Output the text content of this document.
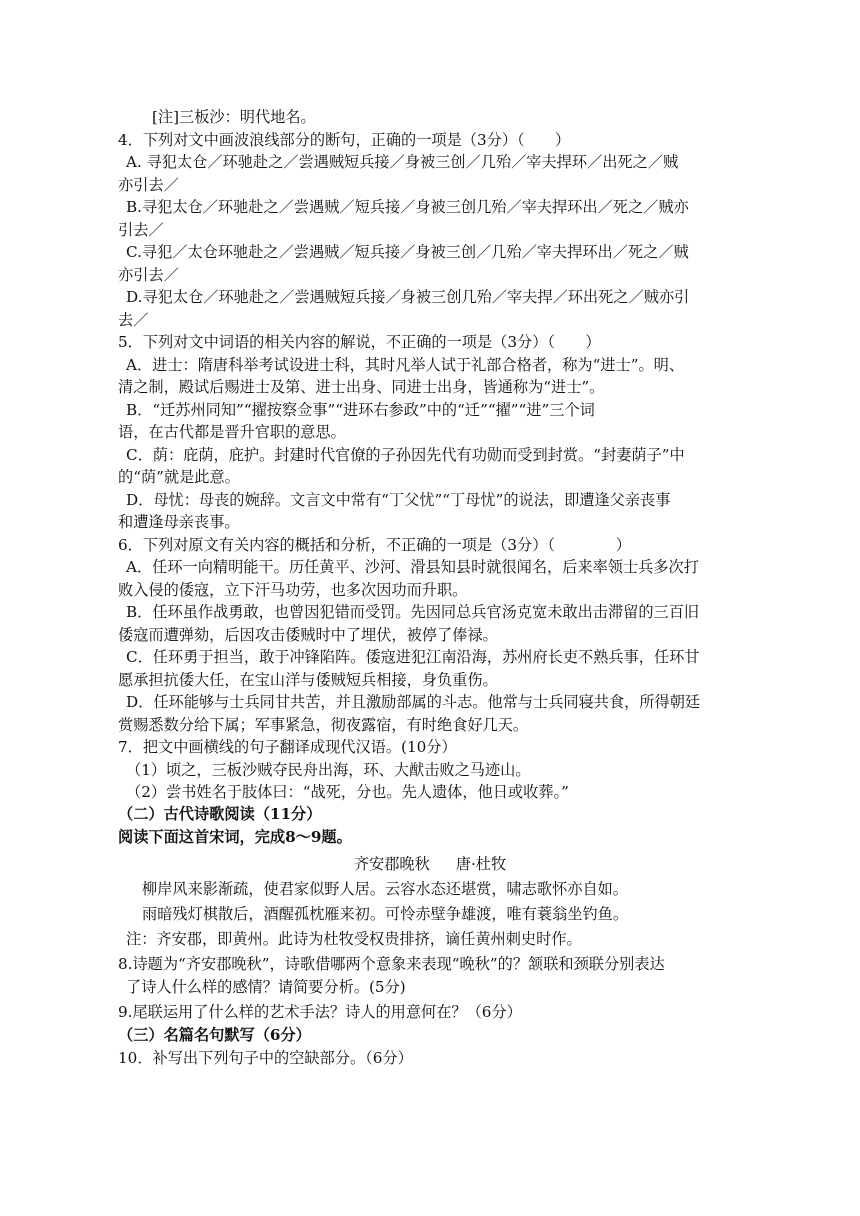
[注]三板沙：明代地名。
4．下列对文中画波浪线部分的断句，正确的一项是（3分）（　　）
A. 寻犯太仓／环驰赴之／尝遇贼短兵接／身被三创／几殆／宰夫捍环／出死之／贼
亦引去／
B.寻犯太仓／环驰赴之／尝遇贼／短兵接／身被三创几殆／宰夫捍环出／死之／贼亦
引去／
C.寻犯／太仓环驰赴之／尝遇贼／短兵接／身被三创／几殆／宰夫捍环出／死之／贼
亦引去／
D.寻犯太仓／环驰赴之／尝遇贼短兵接／身被三创几殆／宰夫捍／环出死之／贼亦引
去／
5．下列对文中词语的相关内容的解说，不正确的一项是（3分）（　　）
A．进士：隋唐科举考试设进士科，其时凡举人试于礼部合格者，称为“进士”。明、
清之制，殿试后赐进士及第、进士出身、同进士出身，皆通称为“进士”。
B．“迁苏州同知”“擢按察佥事”“进环右参政”中的“迁”“擢”“进”三个词
语，在古代都是晋升官职的意思。
C．荫：庇荫，庇护。封建时代官僚的子孙因先代有功勋而受到封赏。“封妻荫子”中
的“荫”就是此意。
D．母忧：母丧的婉辞。文言文中常有“丁父忧”“丁母忧”的说法，即遭逢父亲丧事
和遭逢母亲丧事。
6．下列对原文有关内容的概括和分析，不正确的一项是（3分）（　　　　）
A．任环一向精明能干。历任黄平、沙河、滑县知县时就很闻名，后来率领士兵多次打
败入侵的倭寇，立下汗马功劳，也多次因功而升职。
B．任环虽作战勇敢，也曾因犯错而受罚。先因同总兵官汤克宽未敢出击滞留的三百旧
倭寇而遭弹劾，后因攻击倭贼时中了埋伏，被停了俸禄。
C．任环勇于担当，敢于冲锋陷阵。倭寇进犯江南沿海，苏州府长吏不熟兵事，任环甘
愿承担抗倭大任，在宝山洋与倭贼短兵相接，身负重伤。
D．任环能够与士兵同甘共苦，并且激励部属的斗志。他常与士兵同寝共食，所得朝廷
赏赐悉数分给下属；军事紧急，彻夜露宿，有时绝食好几天。
7．把文中画横线的句子翻译成现代汉语。(10分）
（1）顷之，三板沙贼夺民舟出海，环、大猷击败之马迹山。
（2）尝书姓名于肢体曰：“战死，分也。先人遗体，他日或收葬。”
（二）古代诗歌阅读（11分）
阅读下面这首宋词，完成8～9题。
齐安郡晚秋 唐·杜牧
柳岸风来影渐疏，使君家似野人居。云容水态还堪赏，啸志歌怀亦自如。
雨暗残灯棋散后，酒醒孤枕雁来初。可怜赤壁争雄渡，唯有蓑翁坐钓鱼。
注：齐安郡，即黄州。此诗为杜牧受权贵排挤，谪任黄州刺史时作。
8.诗题为“齐安郡晚秋”，诗歌借哪两个意象来表现“晚秋”的？颔联和颈联分别表达
了诗人什么样的感情？请简要分析。(5分)
9.尾联运用了什么样的艺术手法？诗人的用意何在？（6分）
（三）名篇名句默写（6分）
10．补写出下列句子中的空缺部分。（6分）
